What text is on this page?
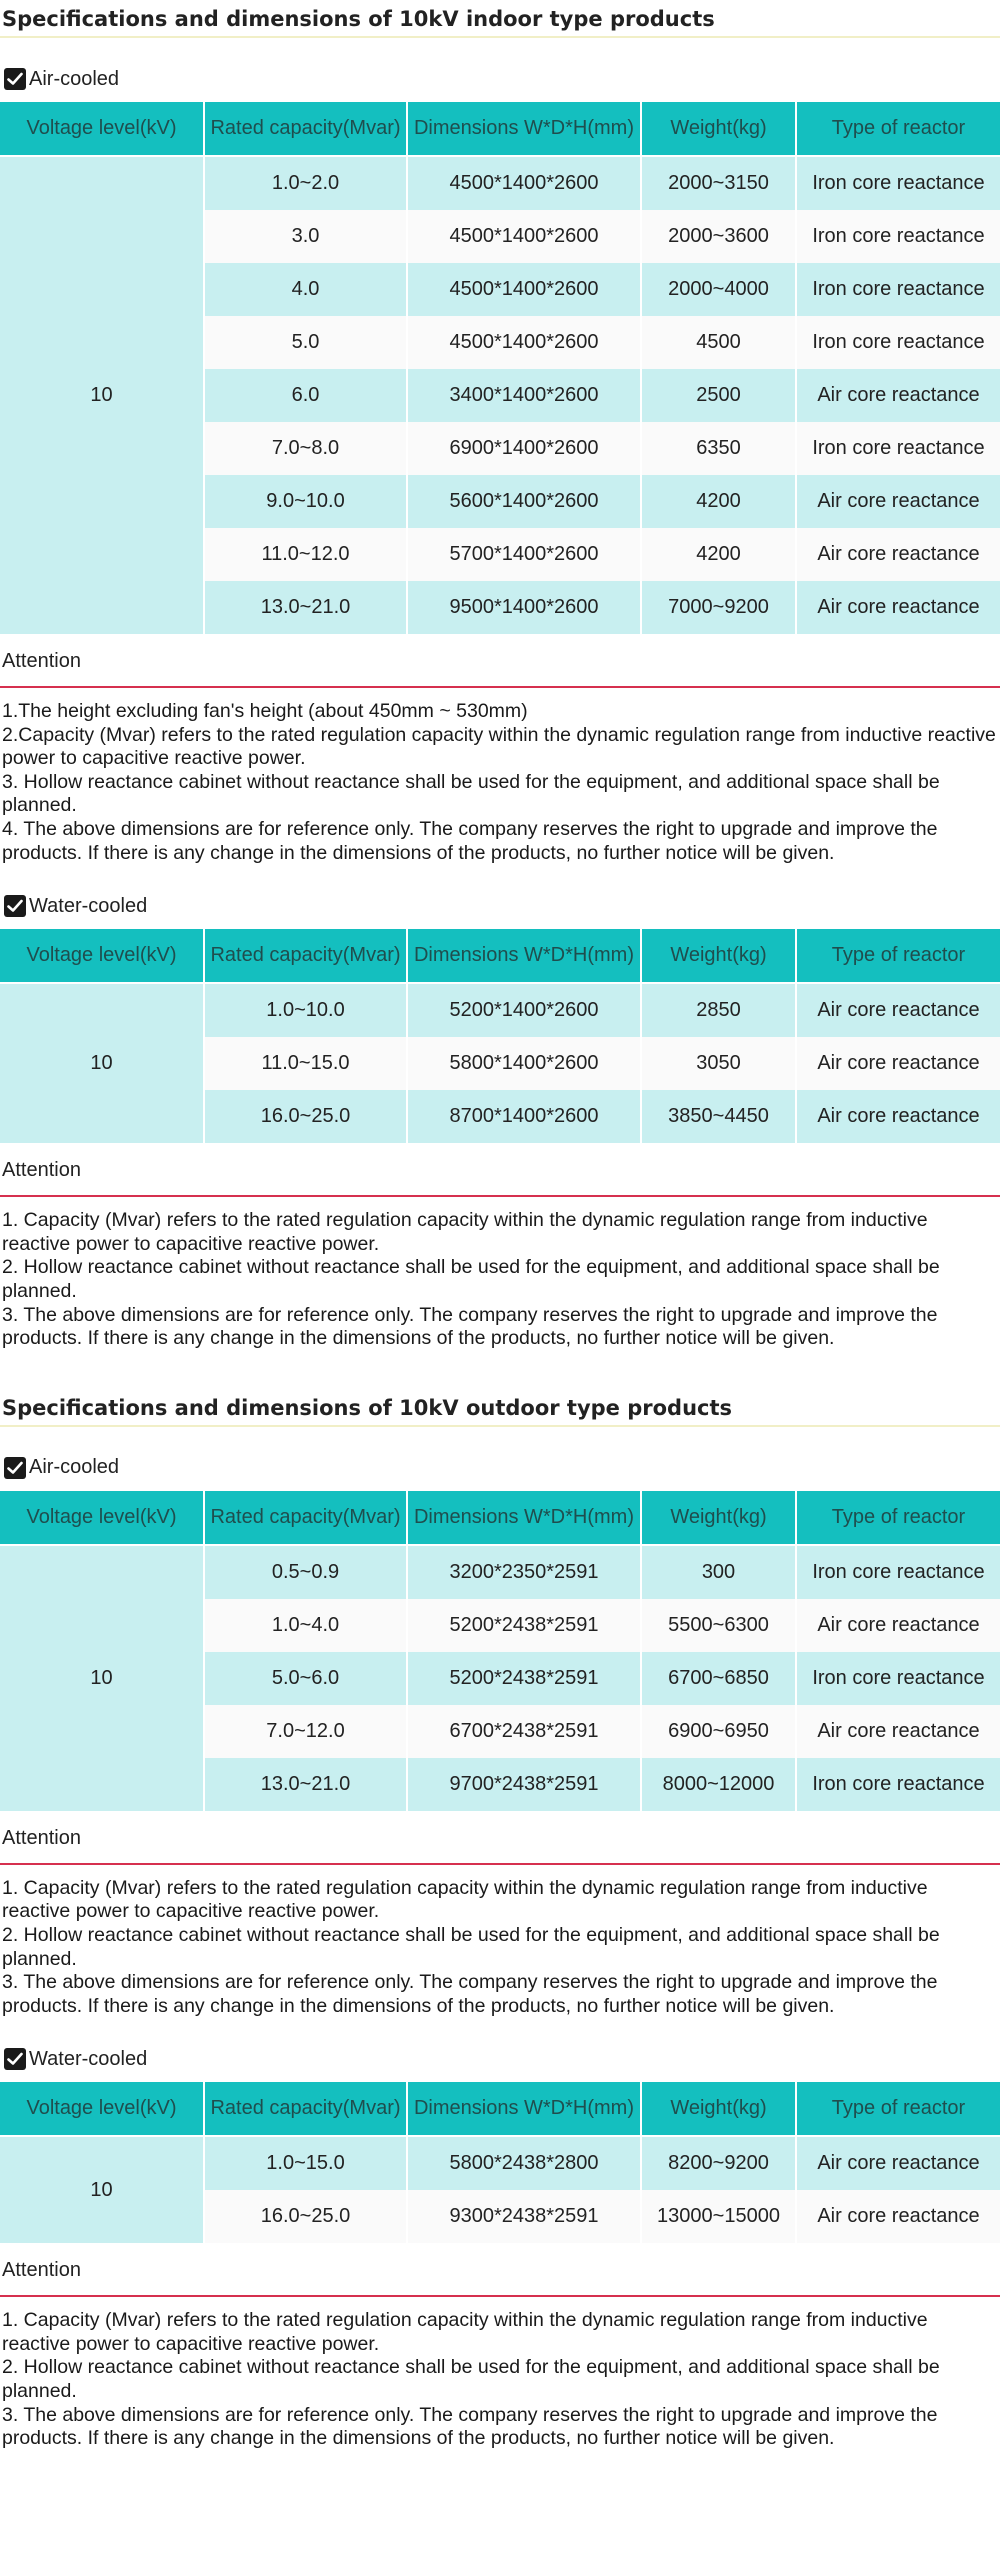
Specifications and dimensions of 10kV indoor type products
Air-cooled
Voltage level(kV)	Rated capacity(Mvar)	Dimensions W*D*H(mm)	Weight(kg)	Type of reactor
10	1.0~2.0	4500*1400*2600	2000~3150	Iron core reactance
	3.0	4500*1400*2600	2000~3600	Iron core reactance
	4.0	4500*1400*2600	2000~4000	Iron core reactance
	5.0	4500*1400*2600	4500	Iron core reactance
	6.0	3400*1400*2600	2500	Air core reactance
	7.0~8.0	6900*1400*2600	6350	Iron core reactance
	9.0~10.0	5600*1400*2600	4200	Air core reactance
	11.0~12.0	5700*1400*2600	4200	Air core reactance
	13.0~21.0	9500*1400*2600	7000~9200	Air core reactance
Attention

1.The height excluding fan's height (about 450mm ~ 530mm)

2.Capacity (Mvar) refers to the rated regulation capacity within the dynamic regulation range from inductive reactive power to capacitive reactive power.

3. Hollow reactance cabinet without reactance shall be used for the equipment, and additional space shall be planned.

4. The above dimensions are for reference only. The company reserves the right to upgrade and improve the products. If there is any change in the dimensions of the products, no further notice will be given.

Water-cooled
Voltage level(kV)	Rated capacity(Mvar)	Dimensions W*D*H(mm)	Weight(kg)	Type of reactor
10	1.0~10.0	5200*1400*2600	2850	Air core reactance
	11.0~15.0	5800*1400*2600	3050	Air core reactance
	16.0~25.0	8700*1400*2600	3850~4450	Air core reactance
Attention

1. Capacity (Mvar) refers to the rated regulation capacity within the dynamic regulation range from inductive reactive power to capacitive reactive power.

2. Hollow reactance cabinet without reactance shall be used for the equipment, and additional space shall be planned.

3. The above dimensions are for reference only. The company reserves the right to upgrade and improve the products. If there is any change in the dimensions of the products, no further notice will be given.

Specifications and dimensions of 10kV outdoor type products
Air-cooled
Voltage level(kV)	Rated capacity(Mvar)	Dimensions W*D*H(mm)	Weight(kg)	Type of reactor
10	0.5~0.9	3200*2350*2591	300	Iron core reactance
	1.0~4.0	5200*2438*2591	5500~6300	Air core reactance
	5.0~6.0	5200*2438*2591	6700~6850	Iron core reactance
	7.0~12.0	6700*2438*2591	6900~6950	Air core reactance
	13.0~21.0	9700*2438*2591	8000~12000	Iron core reactance
Attention

1. Capacity (Mvar) refers to the rated regulation capacity within the dynamic regulation range from inductive reactive power to capacitive reactive power.

2. Hollow reactance cabinet without reactance shall be used for the equipment, and additional space shall be planned.

3. The above dimensions are for reference only. The company reserves the right to upgrade and improve the products. If there is any change in the dimensions of the products, no further notice will be given.

Water-cooled
Voltage level(kV)	Rated capacity(Mvar)	Dimensions W*D*H(mm)	Weight(kg)	Type of reactor
10	1.0~15.0	5800*2438*2800	8200~9200	Air core reactance
	16.0~25.0	9300*2438*2591	13000~15000	Air core reactance
Attention

1. Capacity (Mvar) refers to the rated regulation capacity within the dynamic regulation range from inductive reactive power to capacitive reactive power.

2. Hollow reactance cabinet without reactance shall be used for the equipment, and additional space shall be planned.

3. The above dimensions are for reference only. The company reserves the right to upgrade and improve the products. If there is any change in the dimensions of the products, no further notice will be given.
